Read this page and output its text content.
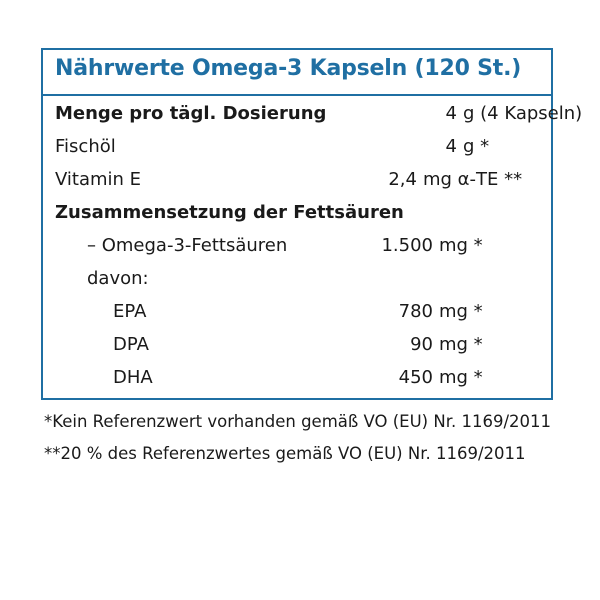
Nährwerte Omega-3 Kapseln (120 St.)
Menge pro tägl. Dosierung	4 g (4 Kapseln)
Fischöl	4 g *
Vitamin E	2,4 mg α-TE **
Zusammensetzung der Fettsäuren
– Omega-3-Fettsäuren	1.500 mg *
davon:
EPA	780 mg *
DPA	90 mg *
DHA	450 mg *
*Kein Referenzwert vorhanden gemäß VO (EU) Nr. 1169/2011
**20 % des Referenzwertes gemäß VO (EU) Nr. 1169/2011
